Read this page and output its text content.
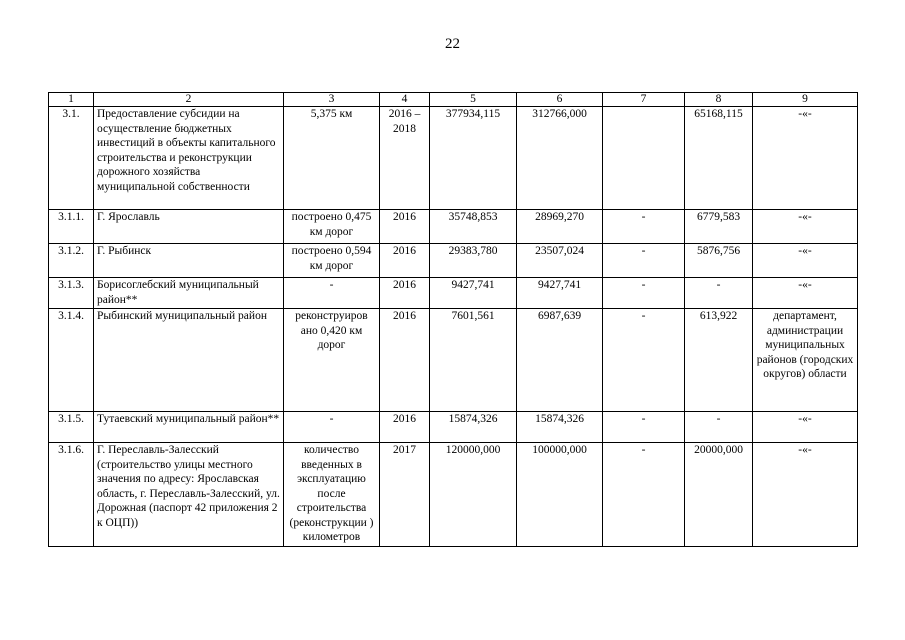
22
1	2	3	4	5	6	7	8	9
3.1.	Предоставление субсидии на осуществление бюджетных инвестиций в объекты капитального строительства и реконструкции дорожного хозяйства муниципальной собственности	5,375 км	2016 – 2018	377934,115	312766,000		65168,115	-«-
3.1.1.	Г. Ярославль	построено 0,475 км дорог	2016	35748,853	28969,270	-	6779,583	-«-
3.1.2.	Г. Рыбинск	построено 0,594 км дорог	2016	29383,780	23507,024	-	5876,756	-«-
3.1.3.	Борисоглебский муниципальный район**	-	2016	9427,741	9427,741	-	-	-«-
3.1.4.	Рыбинский муниципальный район	реконструиров ано 0,420 км дорог	2016	7601,561	6987,639	-	613,922	департамент, администрации муниципальных районов (городских округов) области
3.1.5.	Тутаевский муниципальный район**	-	2016	15874,326	15874,326	-	-	-«-
3.1.6.	Г. Переславль-Залесский (строительство улицы местного значения по адресу: Ярославская область, г. Переславль-Залесский, ул. Дорожная (паспорт 42 приложения 2 к ОЦП))	количество введенных в эксплуатацию после строительства (реконструкции ) километров	2017	120000,000	100000,000	-	20000,000	-«-
